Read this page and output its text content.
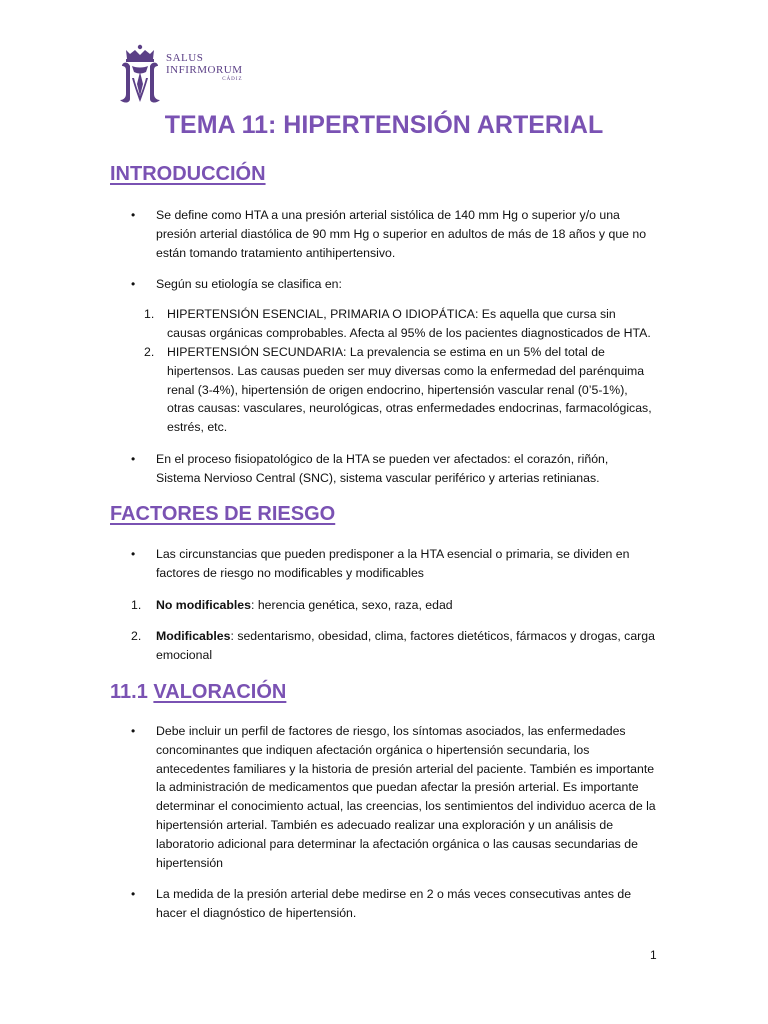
SALUS
INFIRMORUM
CÁDIZ
TEMA 11: HIPERTENSIÓN ARTERIAL
INTRODUCCIÓN
• Se define como HTA a una presión arterial sistólica de 140 mm Hg o superior y/o una presión arterial diastólica de 90 mm Hg o superior en adultos de más de 18 años y que no están tomando tratamiento antihipertensivo.

• Según su etiología se clasifica en:

1. HIPERTENSIÓN ESENCIAL, PRIMARIA O IDIOPÁTICA: Es aquella que cursa sin causas orgánicas comprobables. Afecta al 95% de los pacientes diagnosticados de HTA.

2. HIPERTENSIÓN SECUNDARIA: La prevalencia se estima en un 5% del total de hipertensos. Las causas pueden ser muy diversas como la enfermedad del parénquima renal (3-4%), hipertensión de origen endocrino, hipertensión vascular renal (0’5-1%), otras causas: vasculares, neurológicas, otras enfermedades endocrinas, farmacológicas, estrés, etc.

• En el proceso fisiopatológico de la HTA se pueden ver afectados: el corazón, riñón, Sistema Nervioso Central (SNC), sistema vascular periférico y arterias retinianas.

FACTORES DE RIESGO
• Las circunstancias que pueden predisponer a la HTA esencial o primaria, se dividen en factores de riesgo no modificables y modificables

1. No modificables: herencia genética, sexo, raza, edad

2. Modificables: sedentarismo, obesidad, clima, factores dietéticos, fármacos y drogas, carga emocional

11.1 VALORACIÓN
• Debe incluir un perfil de factores de riesgo, los síntomas asociados, las enfermedades concominantes que indiquen afectación orgánica o hipertensión secundaria, los antecedentes familiares y la historia de presión arterial del paciente. También es importante la administración de medicamentos que puedan afectar la presión arterial. Es importante determinar el conocimiento actual, las creencias, los sentimientos del individuo acerca de la hipertensión arterial. También es adecuado realizar una exploración y un análisis de laboratorio adicional para determinar la afectación orgánica o las causas secundarias de hipertensión

• La medida de la presión arterial debe medirse en 2 o más veces consecutivas antes de hacer el diagnóstico de hipertensión.

1
